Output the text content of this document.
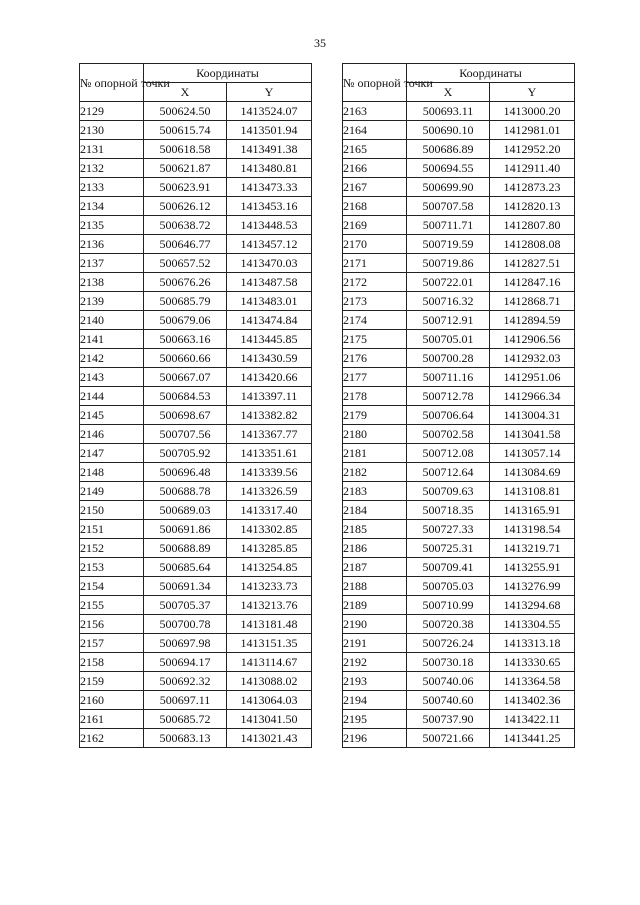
35
№ опорной точки	Координаты	
	X	Y
2129	500624.50	1413524.07
2130	500615.74	1413501.94
2131	500618.58	1413491.38
2132	500621.87	1413480.81
2133	500623.91	1413473.33
2134	500626.12	1413453.16
2135	500638.72	1413448.53
2136	500646.77	1413457.12
2137	500657.52	1413470.03
2138	500676.26	1413487.58
2139	500685.79	1413483.01
2140	500679.06	1413474.84
2141	500663.16	1413445.85
2142	500660.66	1413430.59
2143	500667.07	1413420.66
2144	500684.53	1413397.11
2145	500698.67	1413382.82
2146	500707.56	1413367.77
2147	500705.92	1413351.61
2148	500696.48	1413339.56
2149	500688.78	1413326.59
2150	500689.03	1413317.40
2151	500691.86	1413302.85
2152	500688.89	1413285.85
2153	500685.64	1413254.85
2154	500691.34	1413233.73
2155	500705.37	1413213.76
2156	500700.78	1413181.48
2157	500697.98	1413151.35
2158	500694.17	1413114.67
2159	500692.32	1413088.02
2160	500697.11	1413064.03
2161	500685.72	1413041.50
2162	500683.13	1413021.43
№ опорной точки	Координаты	
	X	Y
2163	500693.11	1413000.20
2164	500690.10	1412981.01
2165	500686.89	1412952.20
2166	500694.55	1412911.40
2167	500699.90	1412873.23
2168	500707.58	1412820.13
2169	500711.71	1412807.80
2170	500719.59	1412808.08
2171	500719.86	1412827.51
2172	500722.01	1412847.16
2173	500716.32	1412868.71
2174	500712.91	1412894.59
2175	500705.01	1412906.56
2176	500700.28	1412932.03
2177	500711.16	1412951.06
2178	500712.78	1412966.34
2179	500706.64	1413004.31
2180	500702.58	1413041.58
2181	500712.08	1413057.14
2182	500712.64	1413084.69
2183	500709.63	1413108.81
2184	500718.35	1413165.91
2185	500727.33	1413198.54
2186	500725.31	1413219.71
2187	500709.41	1413255.91
2188	500705.03	1413276.99
2189	500710.99	1413294.68
2190	500720.38	1413304.55
2191	500726.24	1413313.18
2192	500730.18	1413330.65
2193	500740.06	1413364.58
2194	500740.60	1413402.36
2195	500737.90	1413422.11
2196	500721.66	1413441.25
